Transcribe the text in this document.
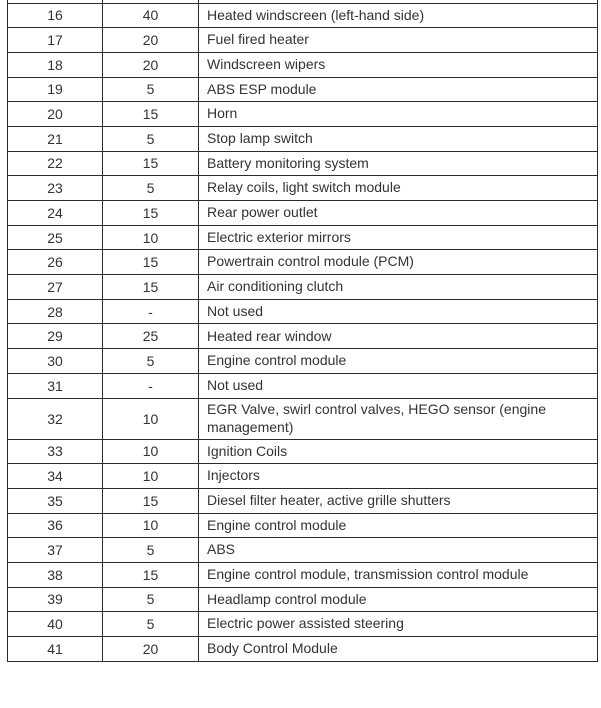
16	40	Heated windscreen (left-hand side)
17	20	Fuel fired heater
18	20	Windscreen wipers
19	5	ABS ESP module
20	15	Horn
21	5	Stop lamp switch
22	15	Battery monitoring system
23	5	Relay coils, light switch module
24	15	Rear power outlet
25	10	Electric exterior mirrors
26	15	Powertrain control module (PCM)
27	15	Air conditioning clutch
28	-	Not used
29	25	Heated rear window
30	5	Engine control module
31	-	Not used
32	10	EGR Valve, swirl control valves, HEGO sensor (engine management)
33	10	Ignition Coils
34	10	Injectors
35	15	Diesel filter heater, active grille shutters
36	10	Engine control module
37	5	ABS
38	15	Engine control module, transmission control module
39	5	Headlamp control module
40	5	Electric power assisted steering
41	20	Body Control Module
